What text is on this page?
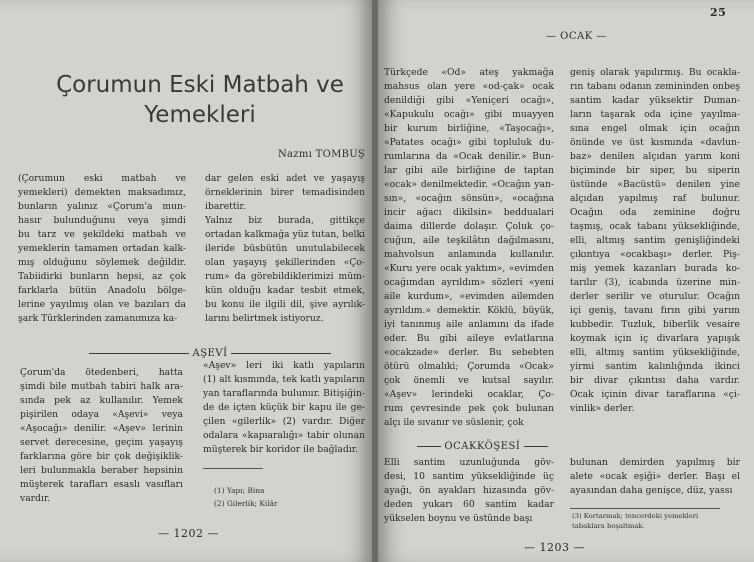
Çorumun Eski Matbah ve
Yemekleri
Nazmı TOMBUŞ
(Çorumun eski matbah ve
yemekleri) demekten maksadımız,
bunların yalınız «Çorum'a mun-
hasır bulunduğunu veya şimdi
bu tarz ve şekildeki matbah ve
yemeklerin tamamen ortadan kalk-
mış olduğunu söylemek değildir.
Tabiidirki bunların hepsi, az çok
farklarla bütün Anadolu bölge-
lerine yayılmış olan ve bazıları da
şark Türklerinden zamanımıza ka-
dar gelen eski adet ve yaşayış
örneklerinin birer temadisinden
ibarettir.
Yalnız biz burada, gittikçe
ortadan kalkmağa yüz tutan, belki
ileride büsbütün unutulabilecek
olan yaşayış şekillerinden «Ço-
rum» da görebildiklerimizi müm-
kün olduğu kadar tesbit etmek,
bu konu ile ilgili dil, şive ayrılık-
larını belirtmek istiyoruz.
AŞEVİ
Çorum'da ötedenberi, hatta
şimdi bile mutbah tabiri halk ara-
sında pek az kullanılır. Yemek
pişirilen odaya «Aşevi» veya
«Aşocağı» denilir. «Aşev» lerinin
servet derecesine, geçim yaşayış
farklarına göre bir çok değişiklik-
leri bulunmakla beraber hepsinin
müşterek tarafları esaslı vasıfları
vardır.
«Aşev» leri iki katlı yapıların
(1) alt kısmında, tek katlı yapıların
yan taraflarında bulunur. Bitişiğin-
de de içten küçük bir kapu ile ge-
çilen «gilerlik» (2) vardır. Diğer
odalara «kapıaralığı» tabir olunan
müşterek bir koridor ile bağladır.
(1) Yapı; Bina
(2) Gilerlik; Kilâr
— 1202 —
25
— OCAK —
Türkçede «Od» ateş yakmağa
mahsus olan yere «od-çak» ocak
denildiği gibi «Yeniçeri ocağı»,
«Kapukulu ocağı» gibi muayyen
bir kurum birliğine, «Taşocağı»,
«Patates ocağı» gibi topluluk du-
rumlarına da «Ocak denilir.» Bun-
lar gibi aile birliğine de taptan
«ocak» denilmektedir. «Ocağın yan-
sın», «ocağın sönsün», «ocağına
incir ağacı dikilsin» beddualari
daima dillerde dolaşır. Çoluk ço-
cuğun, aile teşkilâtın dağılmasını,
mahvolsun anlamında kullanılır.
«Kuru yere ocak yaktım», «evimden
ocağımdan ayrıldım» sözleri «yeni
aile kurdum», «evimden ailemden
ayrıldım.» demektir. Köklü, büyük,
iyi tanınmış aile anlamını da ifade
eder. Bu gibi aileye evlatlarına
«ocakzade» derler. Bu sebebten
ötürü olmalıki; Çorumda «Ocak»
çok önemli ve kutsal sayılır.
«Aşev» lerindeki ocaklar, Ço-
rum çevresinde pek çok bulunan
alçı ile sıvanır ve süslenir, çok
geniş olarak yapılırmış. Bu ocakla-
rın tabanı odanın zemininden onbeş
santim kadar yüksektir Duman-
ların taşarak oda içine yayılma-
sına engel olmak için ocağın
önünde ve üst kısmında «davlun-
baz» denilen alçıdan yarım koni
biçiminde bir siper, bu siperin
üstünde «Bacüstü» denilen yine
alçıdan yapılmış raf bulunur.
Ocağın oda zeminine doğru
taşmış, ocak tabanı yüksekliğinde,
elli, altmış santim genişliğindeki
çıkıntıya «ocakbaşı» derler. Piş-
miş yemek kazanları burada ko-
tarılır (3), icabında üzerine min-
derler serilir ve oturulur. Ocağın
içi geniş, tavanı fırın gibi yarım
kubbedir. Tuzluk, biberlik vesaire
koymak için iç divarlara yapışık
elli, altmış santim yüksekliğinde,
yirmi santim kalınlığında ikinci
bir divar çıkıntısı daha vardır.
Ocak içinin divar taraflarına «çi-
vinlik» derler.
OCAKKÖŞESİ
Elli santim uzunluğunda göv-
desi, 10 santim yüksekliğinde üç
ayağı, ön ayakları hizasında göv-
deden yukarı 60 santim kadar
yükselen boynu ve üstünde başı
bulunan demirden yapılmış bir
alete «ocak eşiği» derler. Başı el
ayasından daha genişce, düz, yassı
(3) Kortarmak; tencerdeki yemekleri
tabaklara boşaltmak.
— 1203 —
